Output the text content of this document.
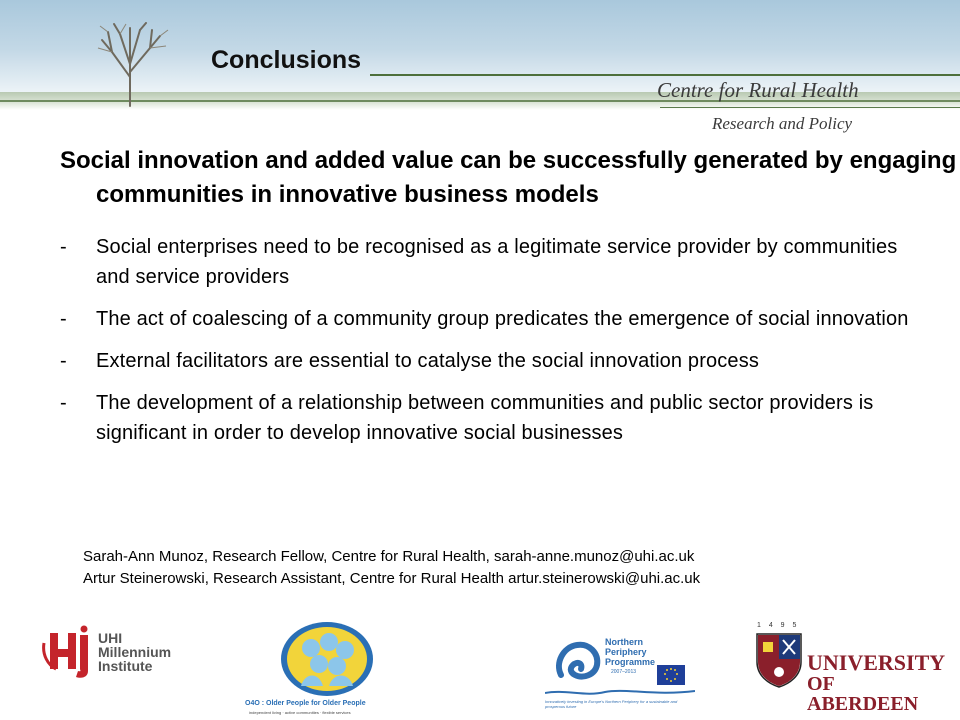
Conclusions
Centre for Rural Health
Research and Policy
Social innovation and added value can be successfully generated by engaging communities in innovative business models
- Social enterprises need to be recognised as a legitimate service provider by communities and service providers
- The act of coalescing of a community group predicates the emergence of social innovation
- External facilitators are essential to catalyse the social innovation process
- The development of a relationship between communities and public sector providers is significant in order to develop innovative social businesses
Sarah-Ann Munoz, Research Fellow, Centre for Rural Health, sarah-anne.munoz@uhi.ac.uk
Artur Steinerowski, Research Assistant, Centre for Rural Health artur.steinerowski@uhi.ac.uk
UHI
Millennium
Institute
O4O : Older People for Older People
independent living · active communities · flexible services
Northern
Periphery
Programme
2007–2013
Innovatively investing in Europe's Northern Periphery for a sustainable and prosperous future
1 4 9 5
UNIVERSITY
OF ABERDEEN
